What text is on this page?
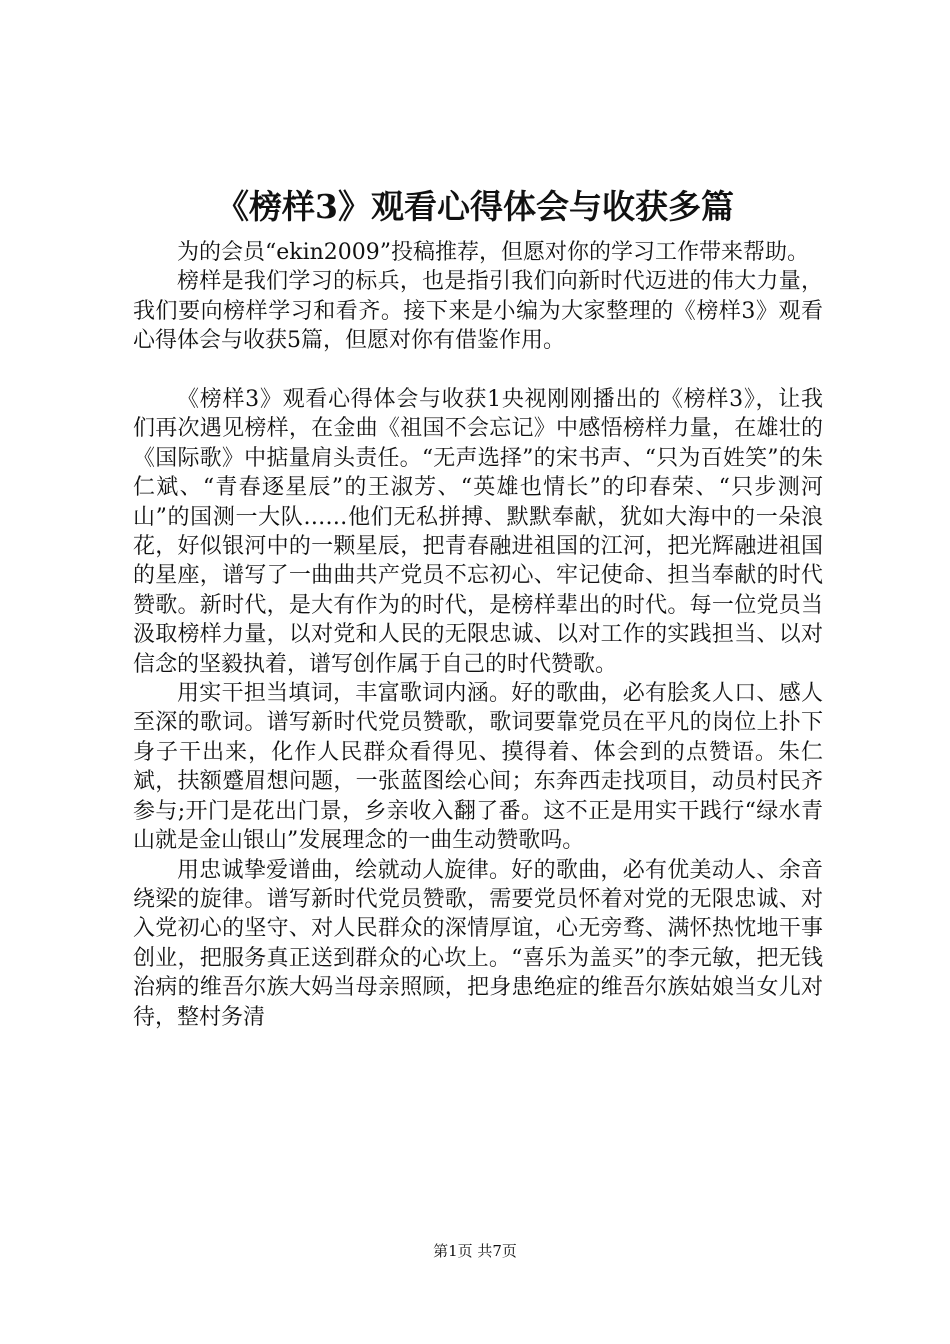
《榜样3》观看心得体会与收获多篇

为的会员“ekin2009”投稿推荐，但愿对你的学习工作带来帮助。

榜样是我们学习的标兵，也是指引我们向新时代迈进的伟大力量，我们要向榜样学习和看齐。接下来是小编为大家整理的《榜样3》观看心得体会与收获5篇，但愿对你有借鉴作用。

《榜样3》观看心得体会与收获1央视刚刚播出的《榜样3》，让我们再次遇见榜样，在金曲《祖国不会忘记》中感悟榜样力量，在雄壮的《国际歌》中掂量肩头责任。“无声选择”的宋书声、“只为百姓笑”的朱仁斌、“青春逐星辰”的王淑芳、“英雄也情长”的印春荣、“只步测河山”的国测一大队……他们无私拼搏、默默奉献，犹如大海中的一朵浪花，好似银河中的一颗星辰，把青春融进祖国的江河，把光辉融进祖国的星座，谱写了一曲曲共产党员不忘初心、牢记使命、担当奉献的时代赞歌。新时代，是大有作为的时代，是榜样辈出的时代。每一位党员当汲取榜样力量，以对党和人民的无限忠诚、以对工作的实践担当、以对信念的坚毅执着，谱写创作属于自己的时代赞歌。

用实干担当填词，丰富歌词内涵。好的歌曲，必有脍炙人口、感人至深的歌词。谱写新时代党员赞歌，歌词要靠党员在平凡的岗位上扑下身子干出来，化作人民群众看得见、摸得着、体会到的点赞语。朱仁斌，扶额蹙眉想问题，一张蓝图绘心间；东奔西走找项目，动员村民齐参与;开门是花出门景，乡亲收入翻了番。这不正是用实干践行“绿水青山就是金山银山”发展理念的一曲生动赞歌吗。

用忠诚挚爱谱曲，绘就动人旋律。好的歌曲，必有优美动人、余音绕梁的旋律。谱写新时代党员赞歌，需要党员怀着对党的无限忠诚、对入党初心的坚守、对人民群众的深情厚谊，心无旁骛、满怀热忱地干事创业，把服务真正送到群众的心坎上。“喜乐为盖买”的李元敏，把无钱治病的维吾尔族大妈当母亲照顾，把身患绝症的维吾尔族姑娘当女儿对待，整村务清

第1页 共7页
